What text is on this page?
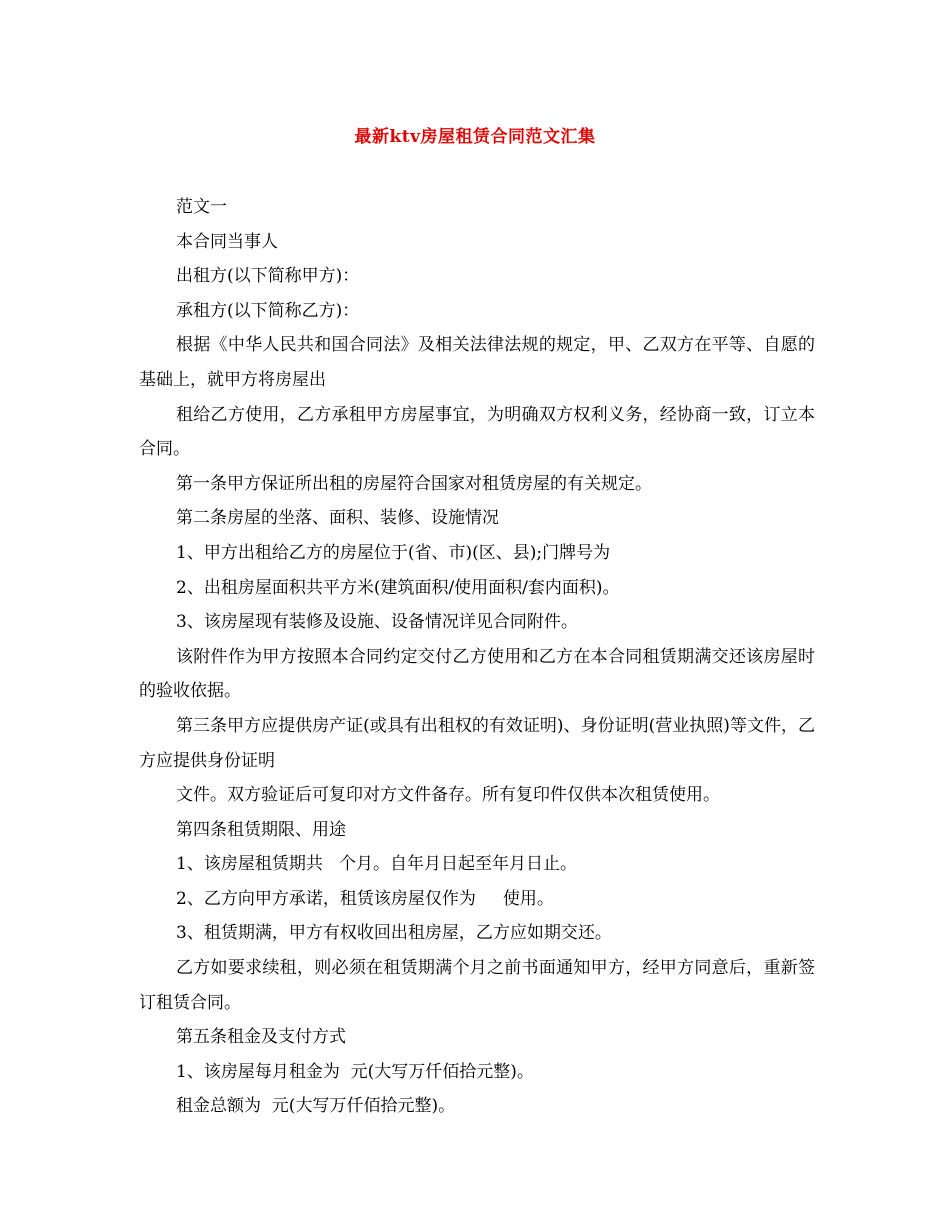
最新ktv房屋租赁合同范文汇集

范文一

本合同当事人

出租方(以下简称甲方)：

承租方(以下简称乙方)：

根据《中华人民共和国合同法》及相关法律法规的规定，甲、乙双方在平等、自愿的基础上，就甲方将房屋出

租给乙方使用，乙方承租甲方房屋事宜，为明确双方权利义务，经协商一致，订立本合同。

第一条甲方保证所出租的房屋符合国家对租赁房屋的有关规定。

第二条房屋的坐落、面积、装修、设施情况

1、甲方出租给乙方的房屋位于(省、市)(区、县);门牌号为

2、出租房屋面积共平方米(建筑面积/使用面积/套内面积)。

3、该房屋现有装修及设施、设备情况详见合同附件。

该附件作为甲方按照本合同约定交付乙方使用和乙方在本合同租赁期满交还该房屋时的验收依据。

第三条甲方应提供房产证(或具有出租权的有效证明)、身份证明(营业执照)等文件，乙方应提供身份证明

文件。双方验证后可复印对方文件备存。所有复印件仅供本次租赁使用。

第四条租赁期限、用途

1、该房屋租赁期共   个月。自年月日起至年月日止。

2、乙方向甲方承诺，租赁该房屋仅作为     使用。

3、租赁期满，甲方有权收回出租房屋，乙方应如期交还。

乙方如要求续租，则必须在租赁期满个月之前书面通知甲方，经甲方同意后，重新签订租赁合同。

第五条租金及支付方式

1、该房屋每月租金为  元(大写万仟佰拾元整)。

租金总额为  元(大写万仟佰拾元整)。
